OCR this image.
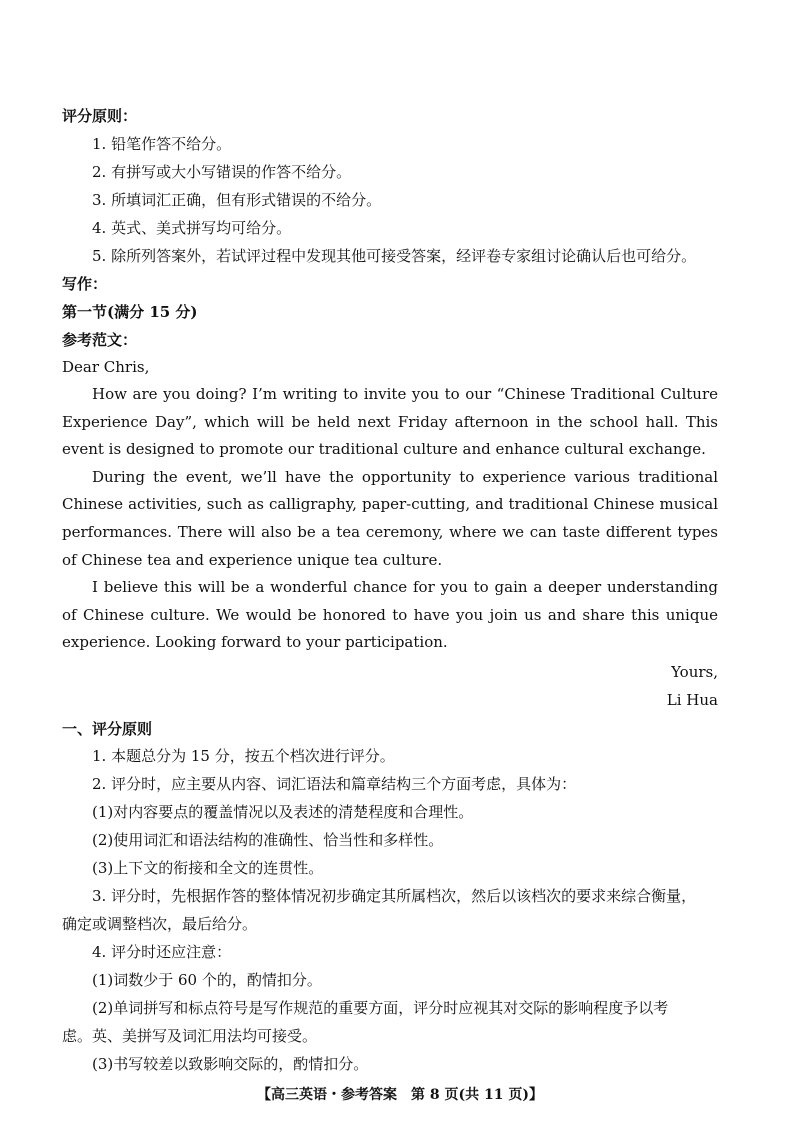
评分原则：
1. 铅笔作答不给分。
2. 有拼写或大小写错误的作答不给分。
3. 所填词汇正确，但有形式错误的不给分。
4. 英式、美式拼写均可给分。
5. 除所列答案外，若试评过程中发现其他可接受答案，经评卷专家组讨论确认后也可给分。
写作：
第一节(满分 15 分)
参考范文：
Dear Chris,

How are you doing? I’m writing to invite you to our “Chinese Traditional Culture Experience Day”, which will be held next Friday afternoon in the school hall. This event is designed to promote our traditional culture and enhance cultural exchange.

During the event, we’ll have the opportunity to experience various traditional Chinese activities, such as calligraphy, paper-cutting, and traditional Chinese musical performances. There will also be a tea ceremony, where we can taste different types of Chinese tea and experience unique tea culture.

I believe this will be a wonderful chance for you to gain a deeper understanding of Chinese culture. We would be honored to have you join us and share this unique experience. Looking forward to your participation.

Yours,
Li Hua
一、评分原则
1. 本题总分为 15 分，按五个档次进行评分。
2. 评分时，应主要从内容、词汇语法和篇章结构三个方面考虑，具体为：
(1)对内容要点的覆盖情况以及表述的清楚程度和合理性。
(2)使用词汇和语法结构的准确性、恰当性和多样性。
(3)上下文的衔接和全文的连贯性。
3. 评分时，先根据作答的整体情况初步确定其所属档次，然后以该档次的要求来综合衡量，
确定或调整档次，最后给分。
4. 评分时还应注意：
(1)词数少于 60 个的，酌情扣分。
(2)单词拼写和标点符号是写作规范的重要方面，评分时应视其对交际的影响程度予以考
虑。英、美拼写及词汇用法均可接受。
(3)书写较差以致影响交际的，酌情扣分。
【高三英语・参考答案　第 8 页(共 11 页)】
